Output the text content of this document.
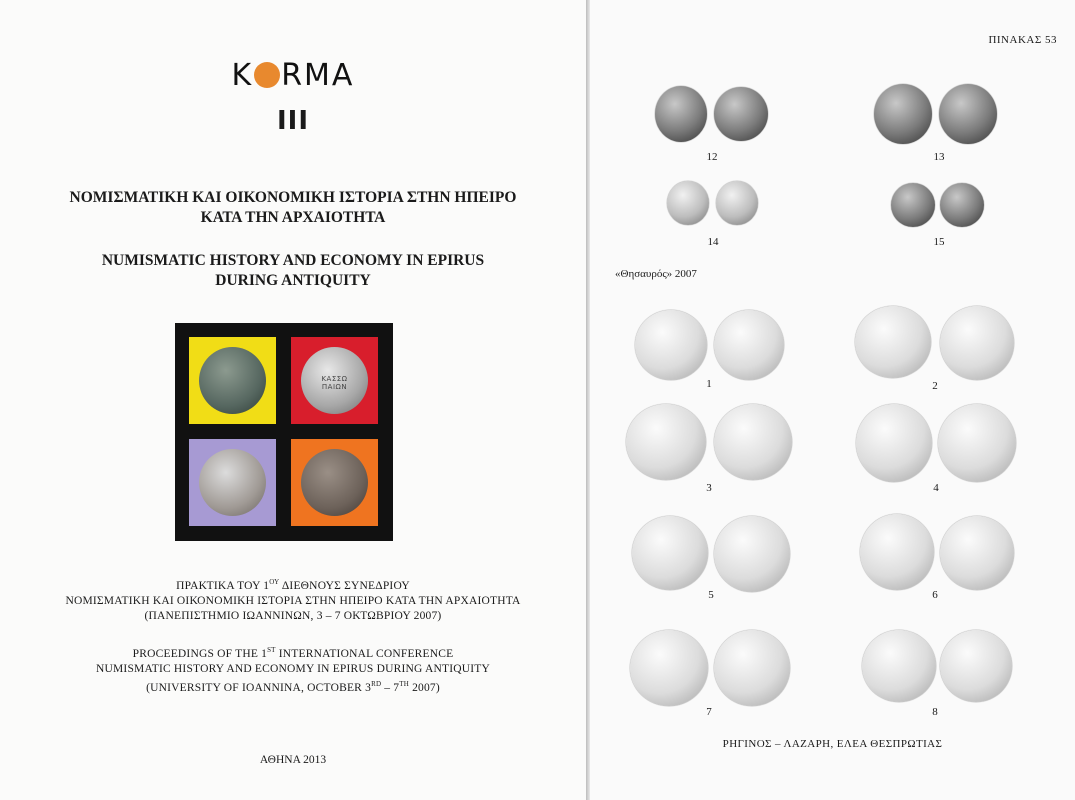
K RMA
III
ΝΟΜΙΣΜΑΤΙΚΗ ΚΑΙ ΟΙΚΟΝΟΜΙΚΗ ΙΣΤΟΡΙΑ ΣΤΗΝ ΗΠΕΙΡΟ
ΚΑΤΑ ΤΗΝ ΑΡΧΑΙΟΤΗΤΑ
NUMISMATIC HISTORY AND ECONOMY IN EPIRUS
DURING ANTIQUITY
ΚΑΣΣΩ
ΠΑΙΩΝ
ΠΡΑΚΤΙΚΑ ΤΟΥ $1^{O\Upsilon}$ ΔΙΕΘΝΟΥΣ ΣΥΝΕΔΡΙΟΥ
ΝΟΜΙΣΜΑΤΙΚΗ ΚΑΙ ΟΙΚΟΝΟΜΙΚΗ ΙΣΤΟΡΙΑ ΣΤΗΝ ΗΠΕΙΡΟ ΚΑΤΑ ΤΗΝ ΑΡΧΑΙΟΤΗΤΑ
(ΠΑΝΕΠΙΣΤΗΜΙΟ ΙΩΑΝΝΙΝΩΝ, 3 – 7 ΟΚΤΩΒΡΙΟΥ 2007)
PROCEEDINGS OF THE 1ST INTERNATIONAL CONFERENCE
NUMISMATIC HISTORY AND ECONOMY IN EPIRUS DURING ANTIQUITY
(UNIVERSITY OF IOANNINA, OCTOBER 3RD – 7TH 2007)
ΑΘΗΝΑ 2013
ΠΙΝΑΚΑΣ 53
12	13
14	15
«Θησαυρός» 2007
1	2
3	4
5	6
7	8
ΡΗΓΙΝΟΣ – ΛΑΖΑΡΗ, ΕΛΕΑ ΘΕΣΠΡΩΤΙΑΣ
